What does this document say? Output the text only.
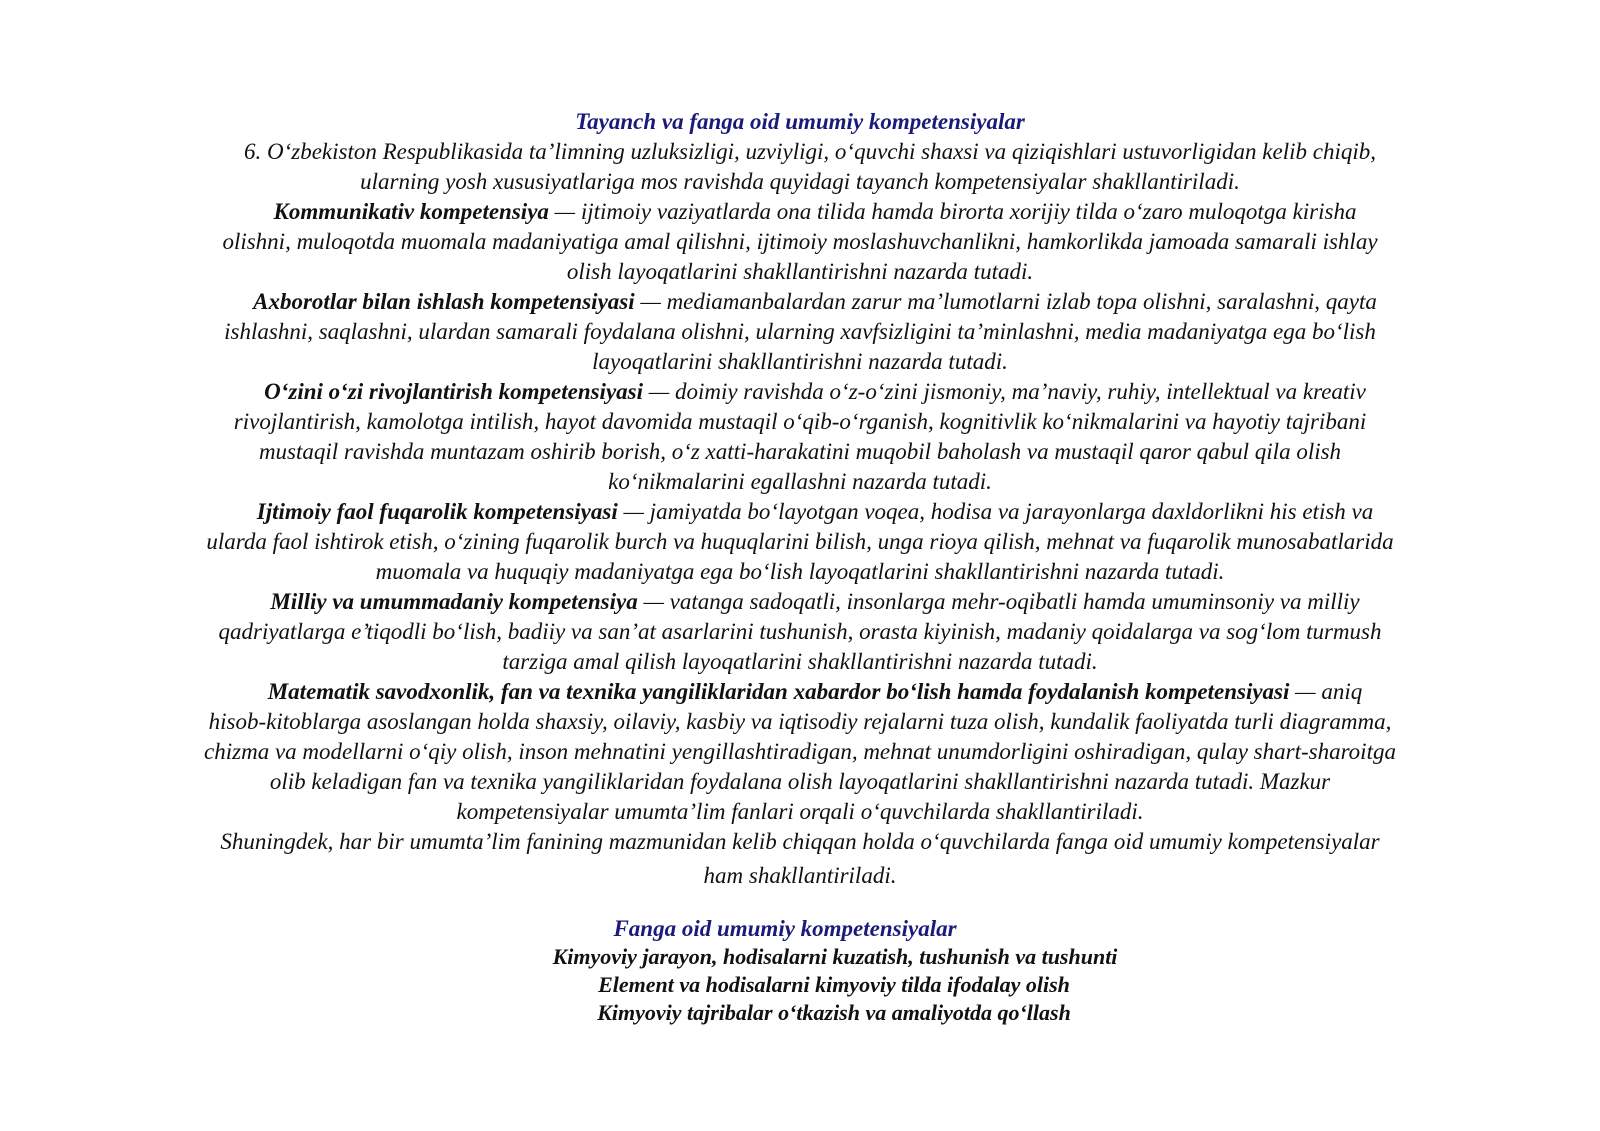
Tayanch va fanga oid umumiy kompetensiyalar
6. O‘zbekiston Respublikasida ta’limning uzluksizligi, uzviyligi, o‘quvchi shaxsi va qiziqishlari ustuvorligidan kelib chiqib,
ularning yosh xususiyatlariga mos ravishda quyidagi tayanch kompetensiyalar shakllantiriladi.
Kommunikativ kompetensiya — ijtimoiy vaziyatlarda ona tilida hamda birorta xorijiy tilda o‘zaro muloqotga kirisha
olishni, muloqotda muomala madaniyatiga amal qilishni, ijtimoiy moslashuvchanlikni, hamkorlikda jamoada samarali ishlay
olish layoqatlarini shakllantirishni nazarda tutadi.
Axborotlar bilan ishlash kompetensiyasi — mediamanbalardan zarur ma’lumotlarni izlab topa olishni, saralashni, qayta
ishlashni, saqlashni, ulardan samarali foydalana olishni, ularning xavfsizligini ta’minlashni, media madaniyatga ega bo‘lish
layoqatlarini shakllantirishni nazarda tutadi.
O‘zini o‘zi rivojlantirish kompetensiyasi — doimiy ravishda o‘z-o‘zini jismoniy, ma’naviy, ruhiy, intellektual va kreativ
rivojlantirish, kamolotga intilish, hayot davomida mustaqil o‘qib-o‘rganish, kognitivlik ko‘nikmalarini va hayotiy tajribani
mustaqil ravishda muntazam oshirib borish, o‘z xatti-harakatini muqobil baholash va mustaqil qaror qabul qila olish
ko‘nikmalarini egallashni nazarda tutadi.
Ijtimoiy faol fuqarolik kompetensiyasi — jamiyatda bo‘layotgan voqea, hodisa va jarayonlarga daxldorlikni his etish va
ularda faol ishtirok etish, o‘zining fuqarolik burch va huquqlarini bilish, unga rioya qilish, mehnat va fuqarolik munosabatlarida
muomala va huquqiy madaniyatga ega bo‘lish layoqatlarini shakllantirishni nazarda tutadi.
Milliy va umummadaniy kompetensiya — vatanga sadoqatli, insonlarga mehr-oqibatli hamda umuminsoniy va milliy
qadriyatlarga e’tiqodli bo‘lish, badiiy va san’at asarlarini tushunish, orasta kiyinish, madaniy qoidalarga va sog‘lom turmush
tarziga amal qilish layoqatlarini shakllantirishni nazarda tutadi.
Matematik savodxonlik, fan va texnika yangiliklaridan xabardor bo‘lish hamda foydalanish kompetensiyasi — aniq
hisob-kitoblarga asoslangan holda shaxsiy, oilaviy, kasbiy va iqtisodiy rejalarni tuza olish, kundalik faoliyatda turli diagramma,
chizma va modellarni o‘qiy olish, inson mehnatini yengillashtiradigan, mehnat unumdorligini oshiradigan, qulay shart-sharoitga
olib keladigan fan va texnika yangiliklaridan foydalana olish layoqatlarini shakllantirishni nazarda tutadi. Mazkur
kompetensiyalar umumta’lim fanlari orqali o‘quvchilarda shakllantiriladi.
Shuningdek, har bir umumta’lim fanining mazmunidan kelib chiqqan holda o‘quvchilarda fanga oid umumiy kompetensiyalar
ham shakllantiriladi.
Fanga oid umumiy kompetensiyalar
Kimyoviy jarayon, hodisalarni kuzatish, tushunish va tushunti
Element va hodisalarni kimyoviy tilda ifodalay olish
Kimyoviy tajribalar o‘tkazish va amaliyotda qo‘llash
